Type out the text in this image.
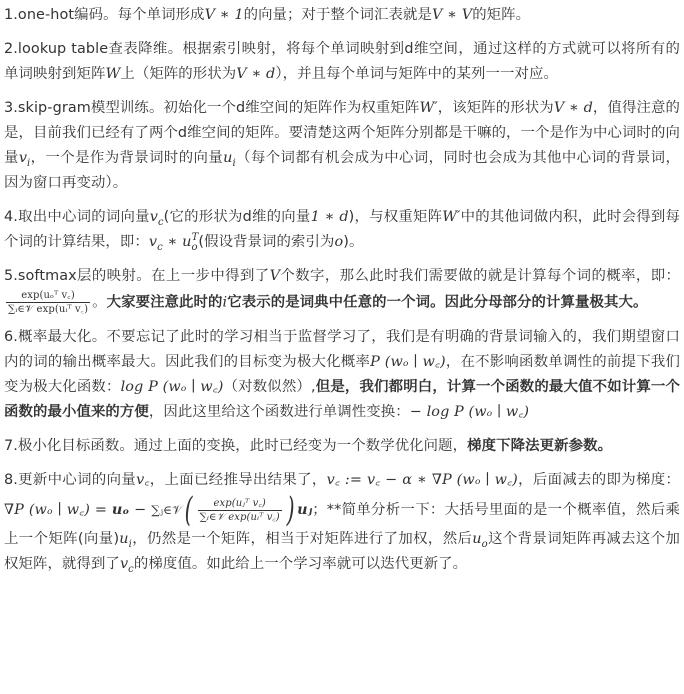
1.one-hot编码。每个单词形成V ∗ 1的向量；对于整个词汇表就是V ∗ V的矩阵。

2.lookup table查表降维。根据索引映射，将每个单词映射到d维空间，通过这样的方式就可以将所有的单词映射到矩阵W上（矩阵的形状为V ∗ d），并且每个单词与矩阵中的某列一一对应。

3.skip-gram模型训练。初始化一个d维空间的矩阵作为权重矩阵W′，该矩阵的形状为V ∗ d，值得注意的是，目前我们已经有了两个d维空间的矩阵。要清楚这两个矩阵分别都是干嘛的，一个是作为中心词时的向量$v_i$，一个是作为背景词时的向量$u_i$（每个词都有机会成为中心词，同时也会成为其他中心词的背景词，因为窗口再变动）。

4.取出中心词的词向量$v_c$(它的形状为d维的向量1 ∗ d)，与权重矩阵W′中的其他词做内积，此时会得到每个词的计算结果，即：$v_c$ ∗ $u_o^T$(假设背景词的索引为o)。

5.softmax层的映射。在上一步中得到了V个数字，那么此时我们需要做的就是计算每个词的概率，即：
$\frac{\text{exp(uₒᵀ v꜀)}}{\text{∑ᵢ∈𝒱 exp(uᵢᵀ v꜀)}}$ 。大家要注意此时的i它表示的是词典中任意的一个词。因此分母部分的计算量极其大。

6.概率最大化。不要忘记了此时的学习相当于监督学习了，我们是有明确的背景词输入的，我们期望窗口内的词的输出概率最大。因此我们的目标变为极大化概率P (wₒ ∣ w꜀)，在不影响函数单调性的前提下我们变为极大化函数：log P (wₒ ∣ w꜀)（对数似然）,但是，我们都明白，计算一个函数的最大值不如计算一个函数的最小值来的方便，因此这里给这个函数进行单调性变换：− log P (wₒ ∣ w꜀)

7.极小化目标函数。通过上面的变换，此时已经变为一个数学优化问题，梯度下降法更新参数。

8.更新中心词的向量v꜀，上面已经推导出结果了，v꜀ := v꜀ − α ∗ ∇P (wₒ ∣ w꜀)，后面减去的即为梯度：∇P (wₒ ∣ w꜀) = uₒ − ∑ⱼ∈𝒱( $\frac{\text{exp(uⱼᵀ v꜀)}}{\text{∑ᵢ∈𝒱 exp(uᵢᵀ v꜀)}}$ ) uⱼ；**简单分析一下：大括号里面的是一个概率值，然后乘上一个矩阵(向量)$u_i$，仍然是一个矩阵，相当于对矩阵进行了加权，然后$u_o$这个背景词矩阵再减去这个加权矩阵，就得到了$v_c$的梯度值。如此给上一个学习率就可以迭代更新了。
